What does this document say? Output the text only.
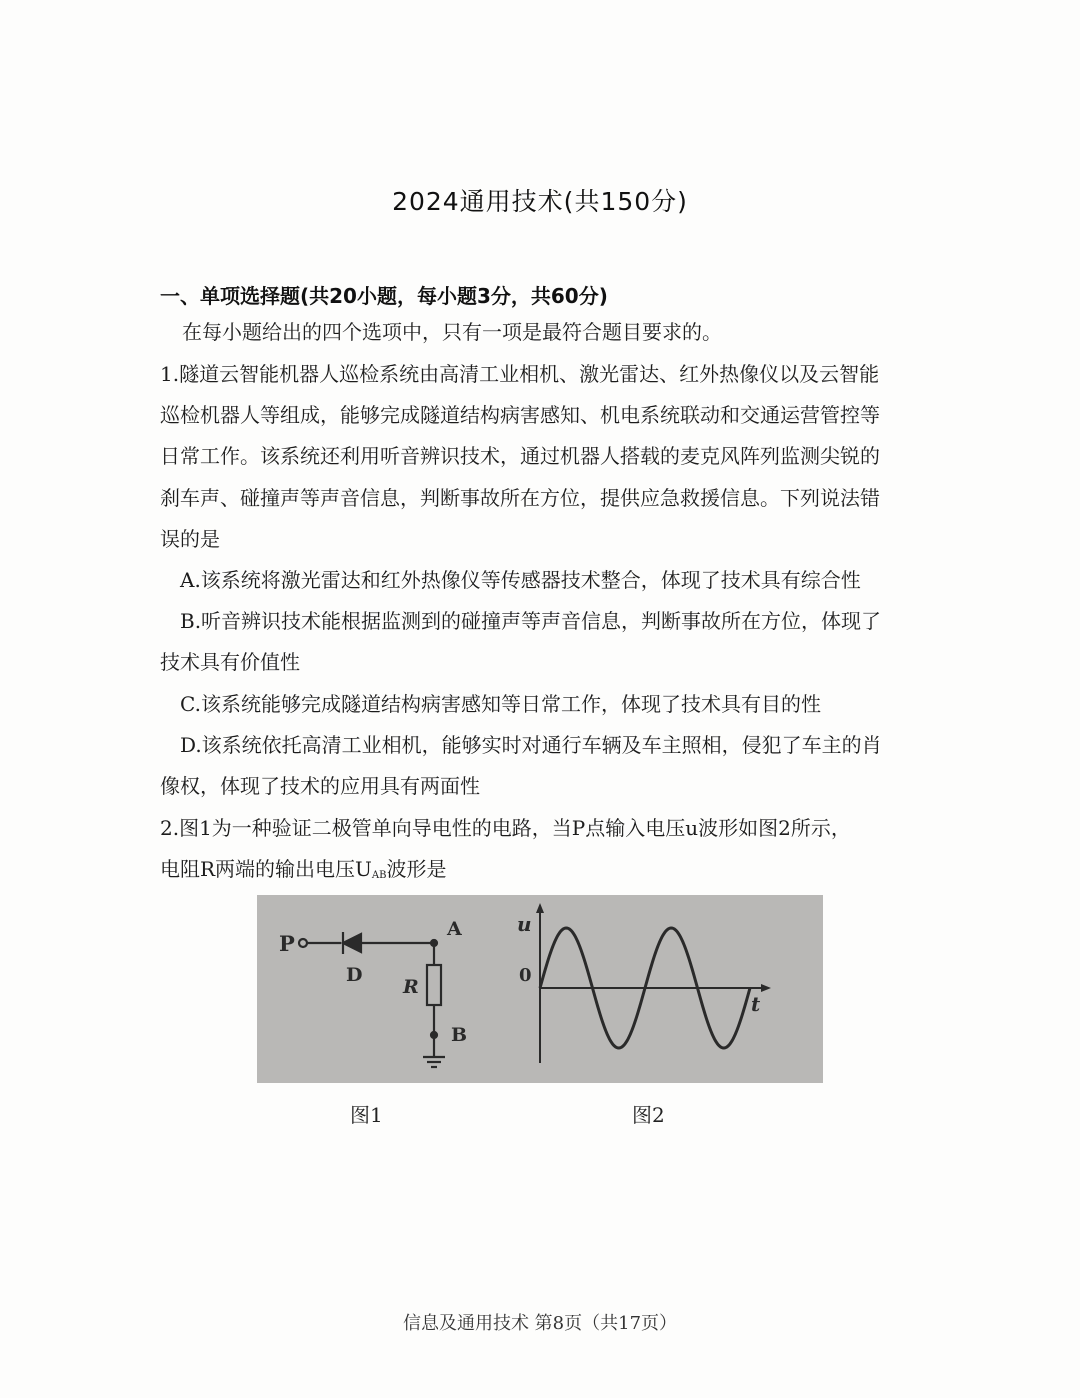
2024通用技术(共150分)
一、单项选择题(共20小题，每小题3分，共60分)
在每小题给出的四个选项中，只有一项是最符合题目要求的。
1.隧道云智能机器人巡检系统由高清工业相机、激光雷达、红外热像仪以及云智能
巡检机器人等组成，能够完成隧道结构病害感知、机电系统联动和交通运营管控等
日常工作。该系统还利用听音辨识技术，通过机器人搭载的麦克风阵列监测尖锐的
刹车声、碰撞声等声音信息，判断事故所在方位，提供应急救援信息。下列说法错
误的是
A.该系统将激光雷达和红外热像仪等传感器技术整合，体现了技术具有综合性
B.听音辨识技术能根据监测到的碰撞声等声音信息，判断事故所在方位，体现了
技术具有价值性
C.该系统能够完成隧道结构病害感知等日常工作，体现了技术具有目的性
D.该系统依托高清工业相机，能够实时对通行车辆及车主照相，侵犯了车主的肖
像权，体现了技术的应用具有两面性
2.图1为一种验证二极管单向导电性的电路，当P点输入电压u波形如图2所示，
电阻R两端的输出电压$U_{AB}$波形是
P
D
A
R
B
u
0
t
图1	图2
信息及通用技术 第8页（共17页）
